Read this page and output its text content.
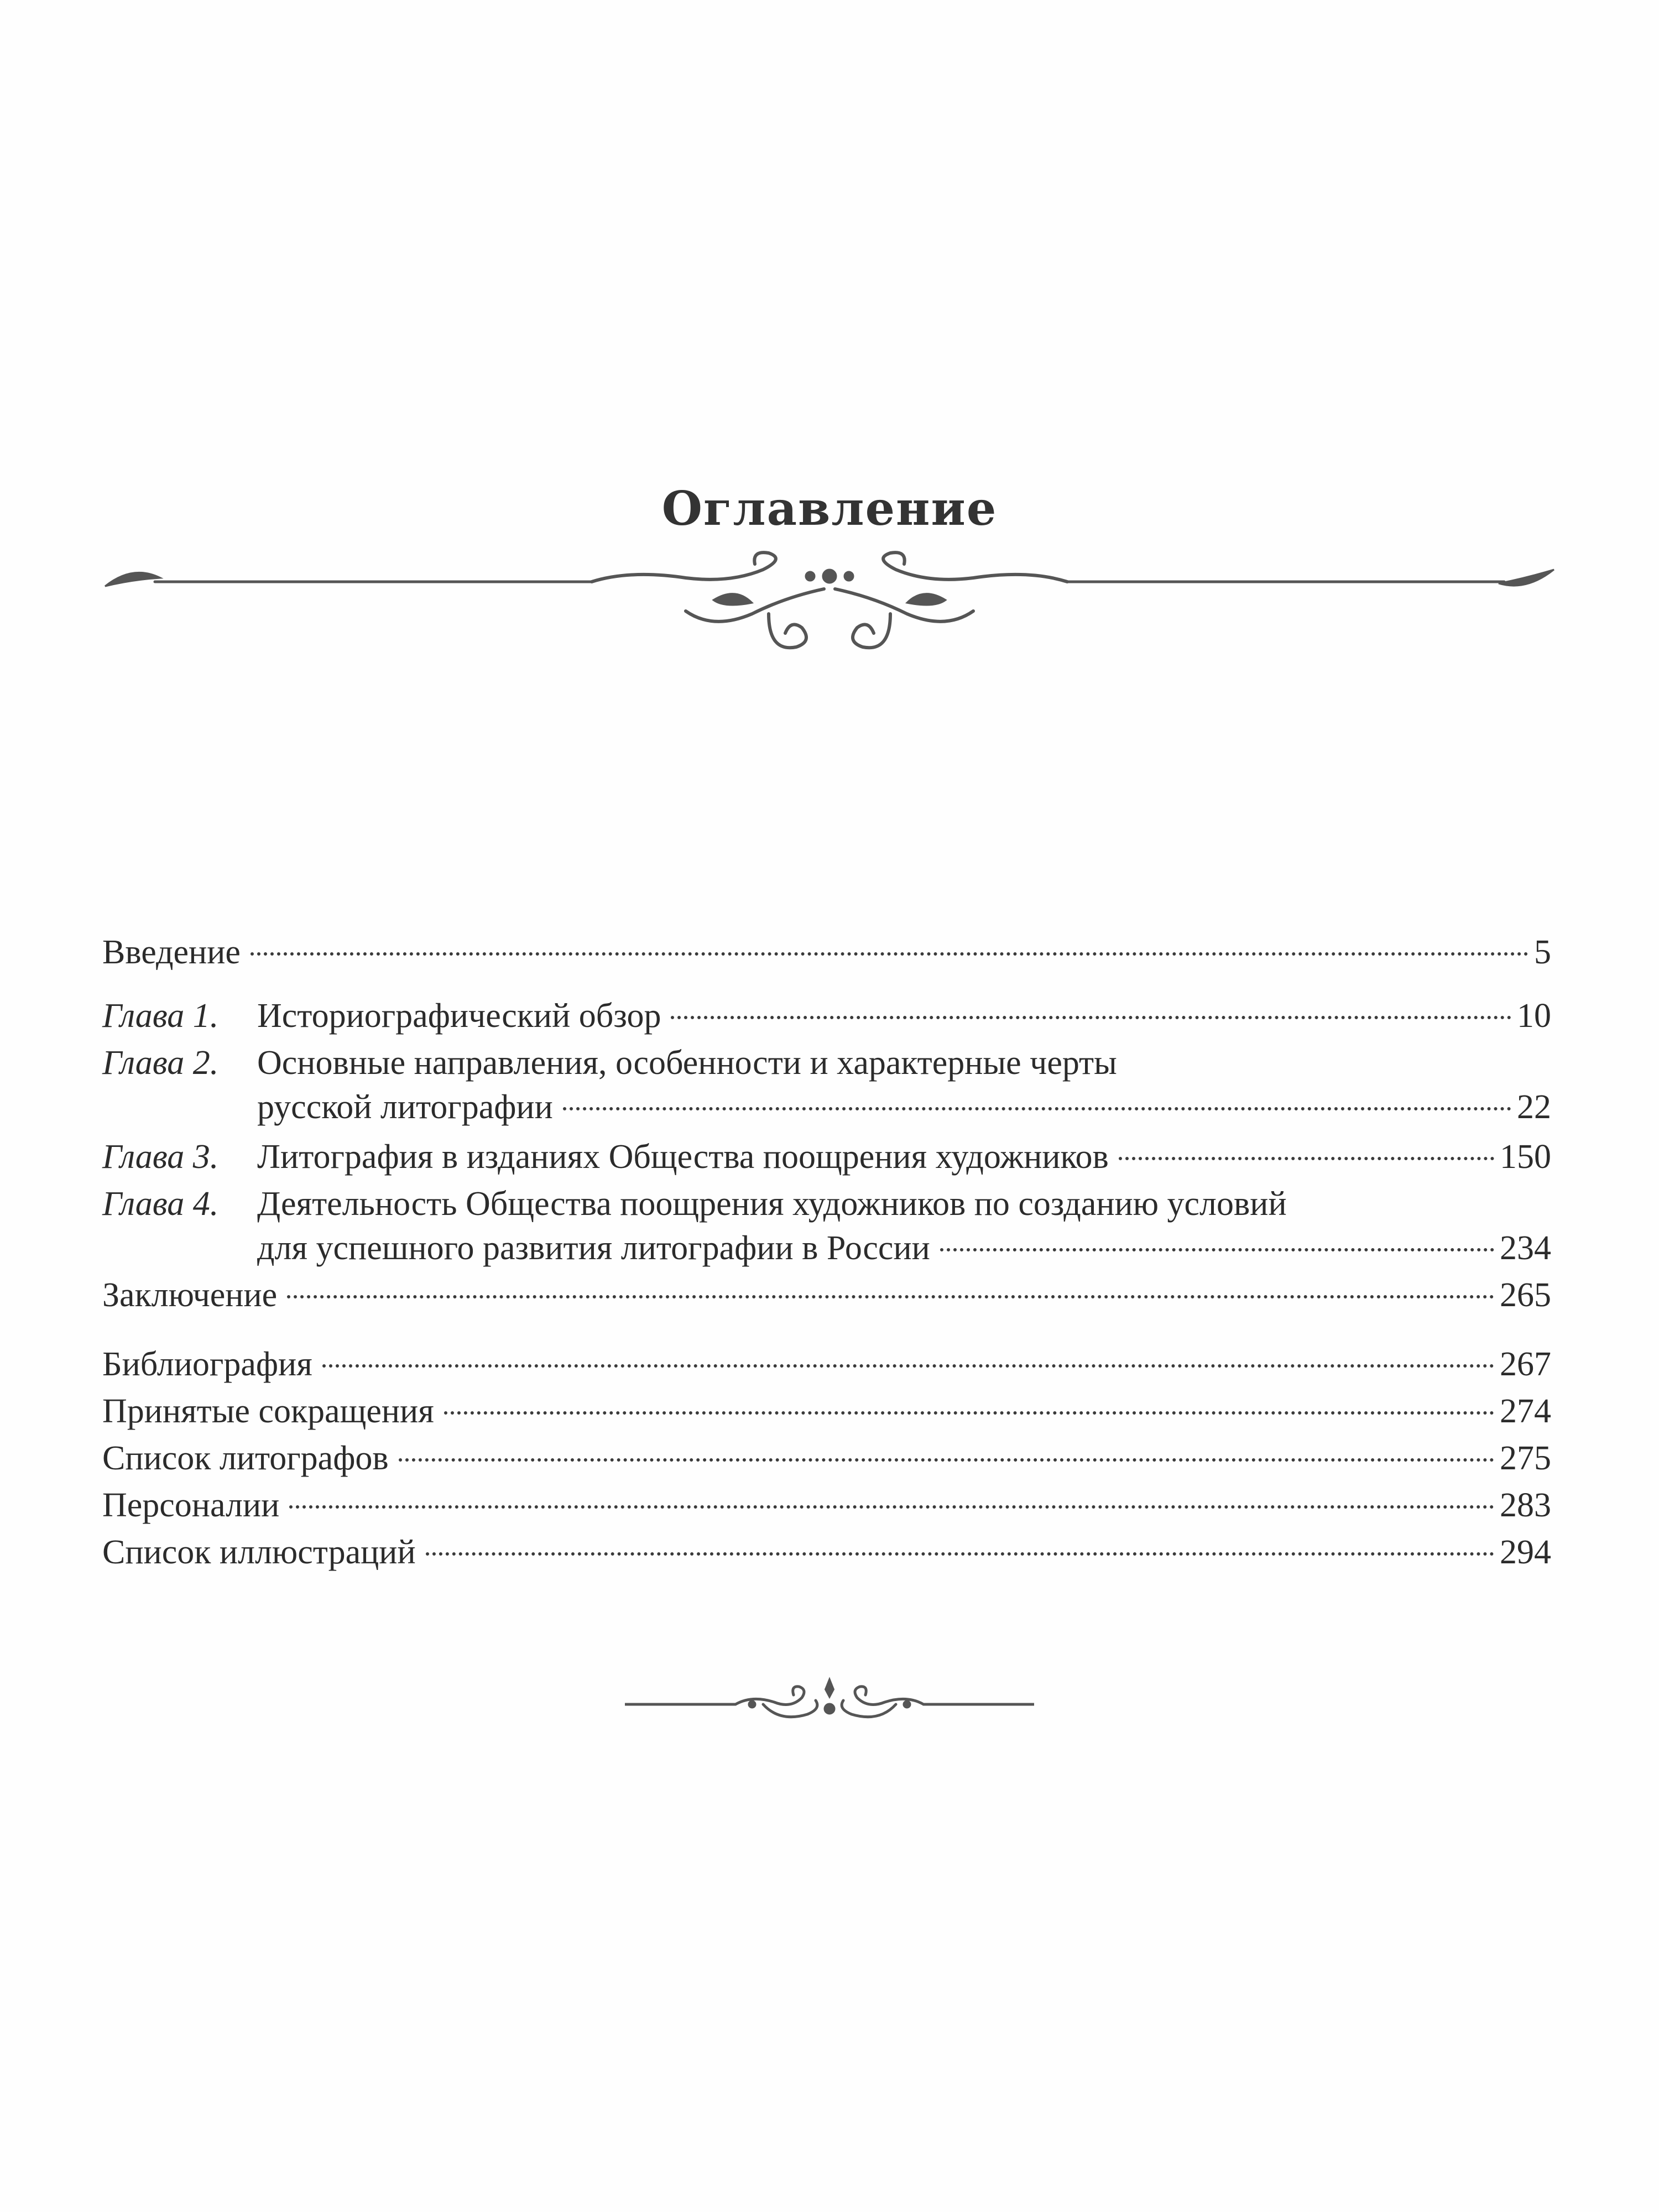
Оглавление
Введение	5
Глава 1.	Историографический обзор	10
Глава 2.	Основные направления, особенности и характерные черты
русской литографии	22
Глава 3.	Литография в изданиях Общества поощрения художников	150
Глава 4.	Деятельность Общества поощрения художников по созданию условий
для успешного развития литографии в России	234
Заключение	265
Библиография	267
Принятые сокращения	274
Список литографов	275
Персоналии	283
Список иллюстраций	294
